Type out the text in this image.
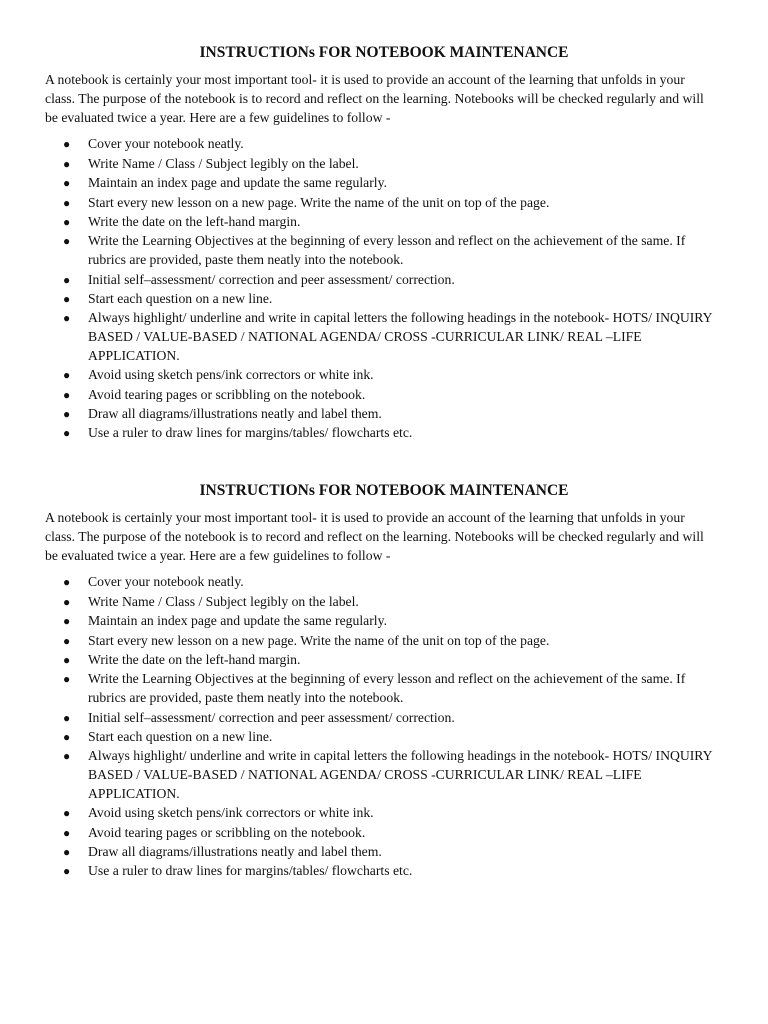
INSTRUCTIONs FOR NOTEBOOK MAINTENANCE

A notebook is certainly your most important tool- it is used to provide an account of the learning that unfolds in your class. The purpose of the notebook is to record and reflect on the learning. Notebooks will be checked regularly and will be evaluated twice a year. Here are a few guidelines to follow -

● Cover your notebook neatly.
● Write Name / Class / Subject legibly on the label.
● Maintain an index page and update the same regularly.
● Start every new lesson on a new page. Write the name of the unit on top of the page.
● Write the date on the left-hand margin.
● Write the Learning Objectives at the beginning of every lesson and reflect on the achievement of the same. If rubrics are provided, paste them neatly into the notebook.
● Initial self–assessment/ correction and peer assessment/ correction.
● Start each question on a new line.
● Always highlight/ underline and write in capital letters the following headings in the notebook- HOTS/ INQUIRY BASED / VALUE-BASED / NATIONAL AGENDA/ CROSS -CURRICULAR LINK/ REAL –LIFE APPLICATION.
● Avoid using sketch pens/ink correctors or white ink.
● Avoid tearing pages or scribbling on the notebook.
● Draw all diagrams/illustrations neatly and label them.
● Use a ruler to draw lines for margins/tables/ flowcharts etc.
INSTRUCTIONs FOR NOTEBOOK MAINTENANCE

A notebook is certainly your most important tool- it is used to provide an account of the learning that unfolds in your class. The purpose of the notebook is to record and reflect on the learning. Notebooks will be checked regularly and will be evaluated twice a year. Here are a few guidelines to follow -

● Cover your notebook neatly.
● Write Name / Class / Subject legibly on the label.
● Maintain an index page and update the same regularly.
● Start every new lesson on a new page. Write the name of the unit on top of the page.
● Write the date on the left-hand margin.
● Write the Learning Objectives at the beginning of every lesson and reflect on the achievement of the same. If rubrics are provided, paste them neatly into the notebook.
● Initial self–assessment/ correction and peer assessment/ correction.
● Start each question on a new line.
● Always highlight/ underline and write in capital letters the following headings in the notebook- HOTS/ INQUIRY BASED / VALUE-BASED / NATIONAL AGENDA/ CROSS -CURRICULAR LINK/ REAL –LIFE APPLICATION.
● Avoid using sketch pens/ink correctors or white ink.
● Avoid tearing pages or scribbling on the notebook.
● Draw all diagrams/illustrations neatly and label them.
● Use a ruler to draw lines for margins/tables/ flowcharts etc.
